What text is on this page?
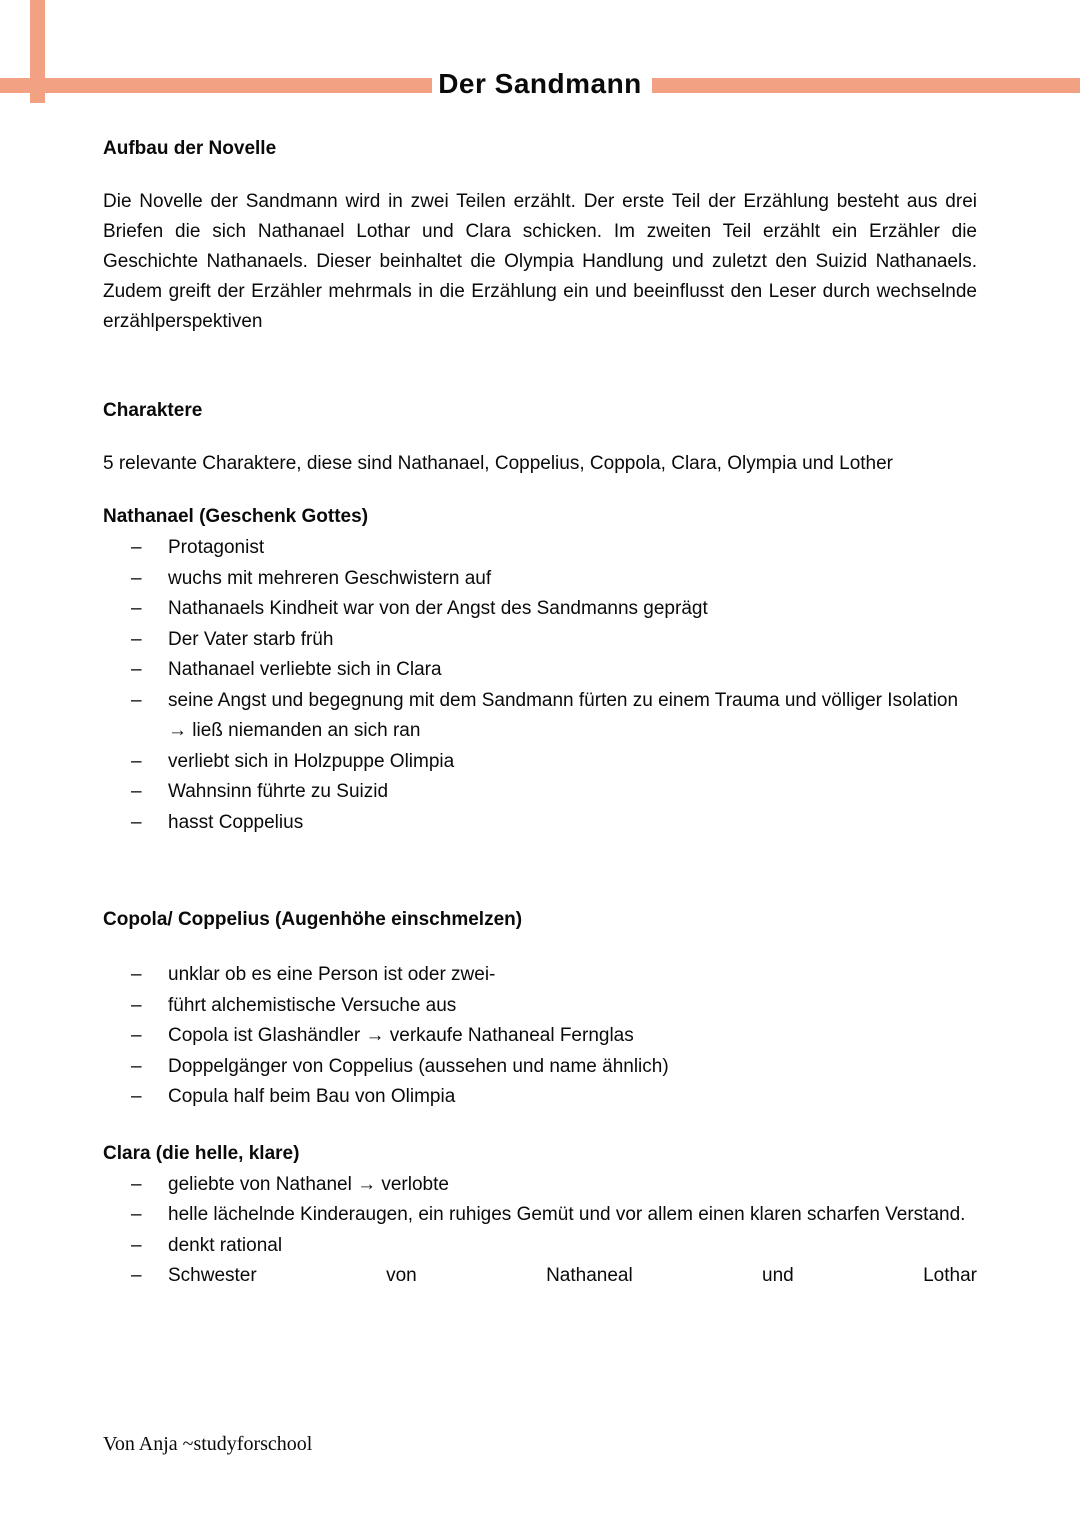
Der Sandmann
Aufbau der Novelle

Die Novelle der Sandmann wird in zwei Teilen erzählt. Der erste Teil der Erzählung besteht aus drei Briefen die sich Nathanael Lothar und Clara schicken. Im zweiten Teil erzählt ein Erzähler die Geschichte Nathanaels. Dieser beinhaltet die Olympia Handlung und zuletzt den Suizid Nathanaels. Zudem greift der Erzähler mehrmals in die Erzählung ein und beeinflusst den Leser durch wechselnde erzählperspektiven

Charaktere

5 relevante Charaktere, diese sind Nathanael, Coppelius, Coppola, Clara, Olympia und Lother

Nathanael (Geschenk Gottes)
– Protagonist
– wuchs mit mehreren Geschwistern auf
– Nathanaels Kindheit war von der Angst des Sandmanns geprägt
– Der Vater starb früh
– Nathanael verliebte sich in Clara
– seine Angst und begegnung mit dem Sandmann fürten zu einem Trauma und völliger Isolation → ließ niemanden an sich ran
– verliebt sich in Holzpuppe Olimpia
– Wahnsinn führte zu Suizid
– hasst Coppelius
Copola/ Coppelius (Augenhöhe einschmelzen)
– unklar ob es eine Person ist oder zwei-
– führt alchemistische Versuche aus
– Copola ist Glashändler → verkaufe Nathaneal Fernglas
– Doppelgänger von Coppelius (aussehen und name ähnlich)
– Copula half beim Bau von Olimpia
Clara (die helle, klare)
– geliebte von Nathanel → verlobte
– helle lächelnde Kinderaugen, ein ruhiges Gemüt und vor allem einen klaren scharfen Verstand.
– denkt rational
– Schwester von Nathaneal und Lothar
Von Anja ~studyforschool
